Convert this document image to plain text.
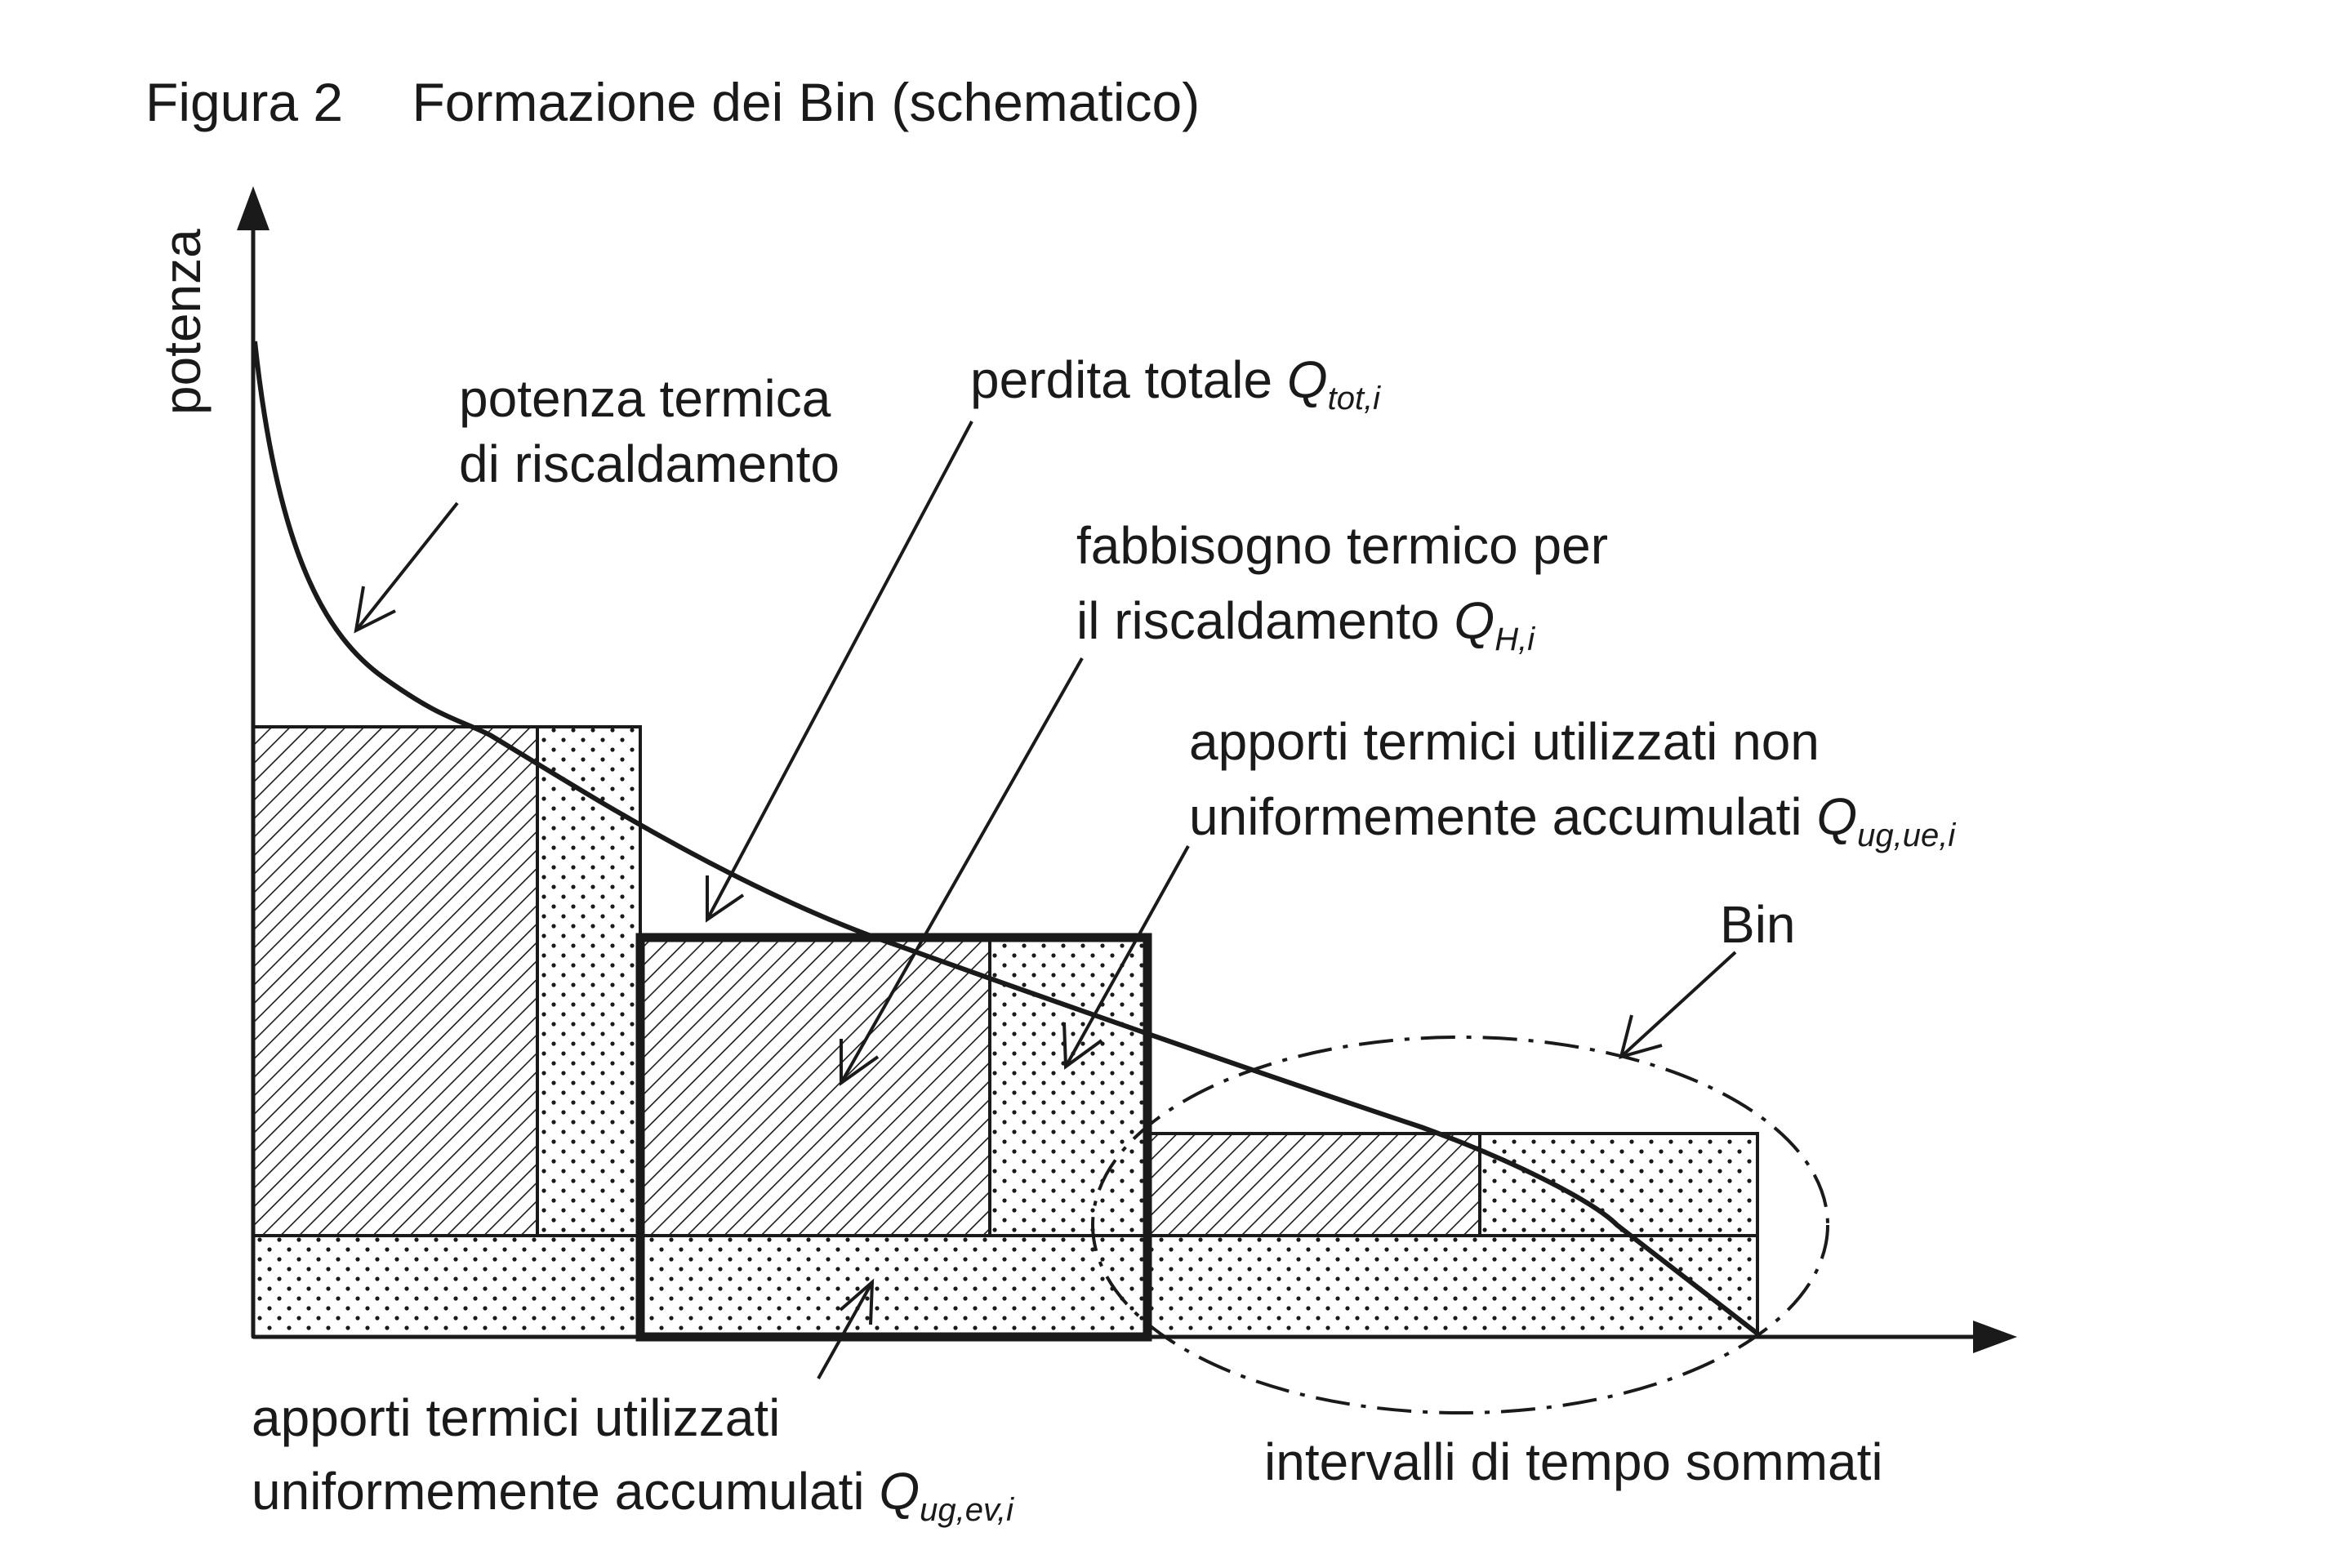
Figura 2 Formazione dei Bin (schematico)
potenza	potenza termica
di riscaldamento
perdita totale $Q_{tot,i}$
fabbisogno termico per
il riscaldamento $Q_{H,i}$
apporti termici utilizzati non
uniformemente accumulati $Q_{ug,ue,i}$
Bin
apporti termici utilizzati
uniformemente accumulati $Q_{ug,ev,i}$
intervalli di tempo sommati
